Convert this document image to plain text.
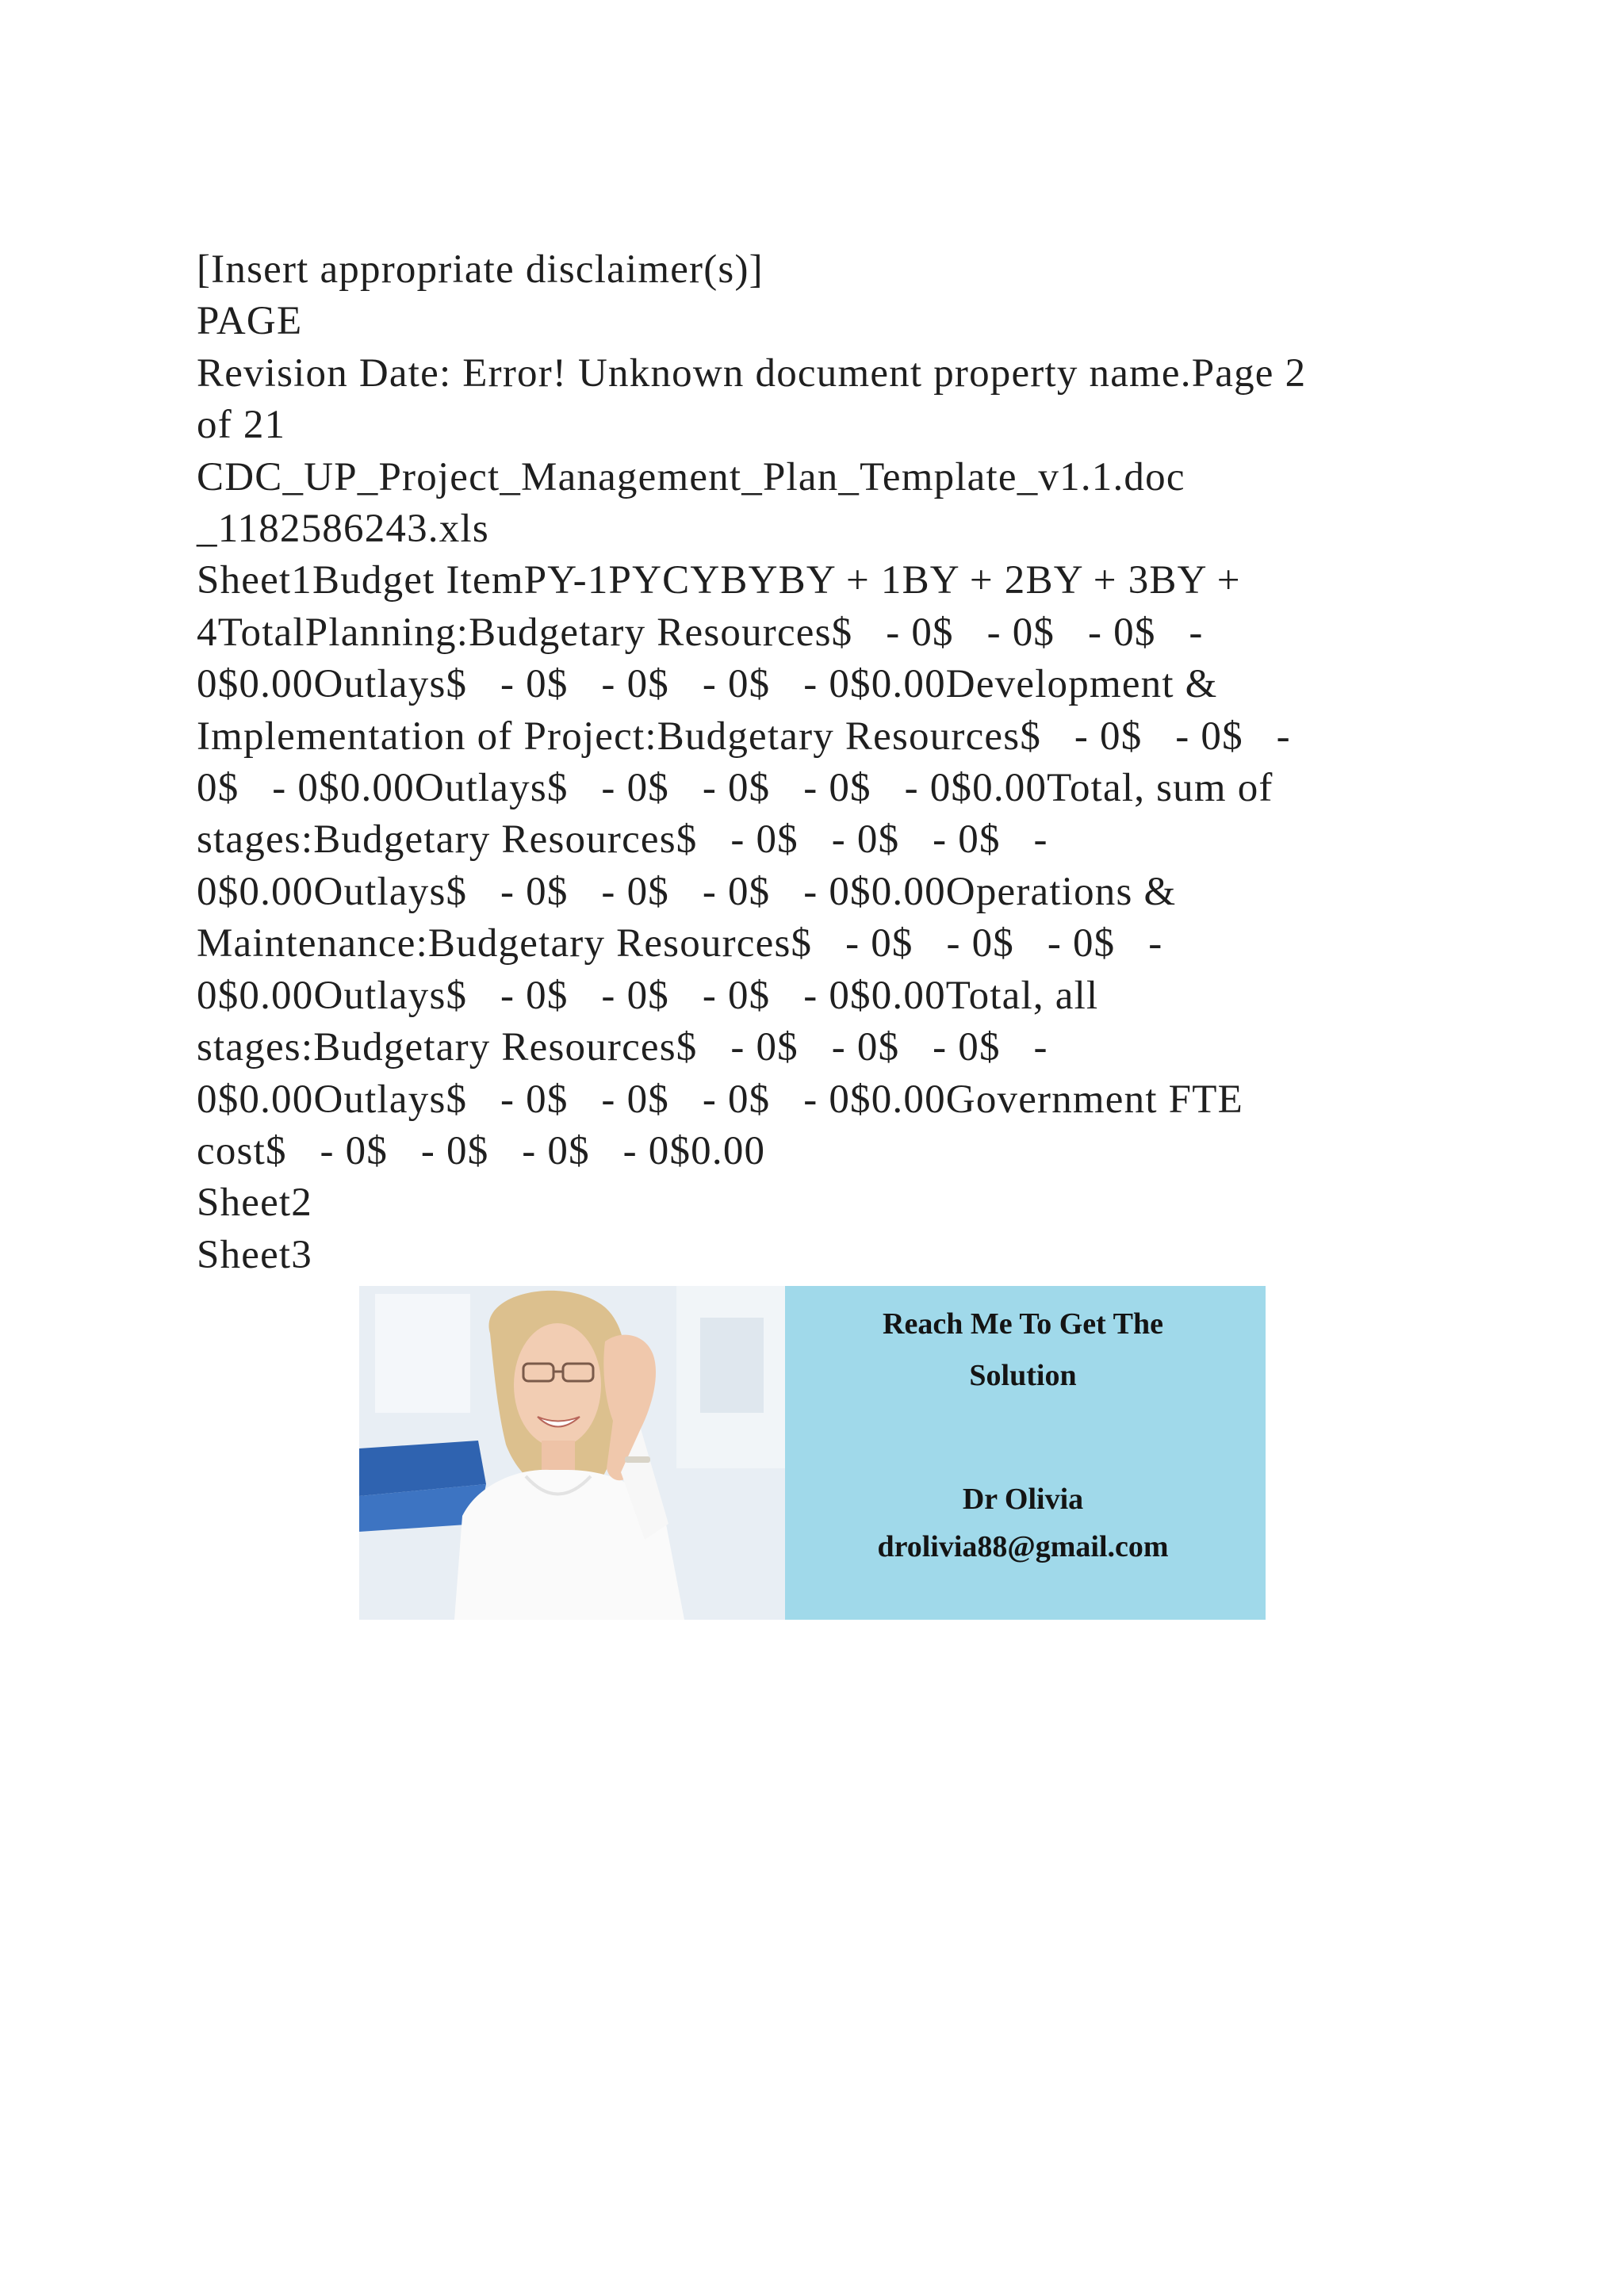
[Insert appropriate disclaimer(s)]
PAGE
Revision Date: Error! Unknown document property name.Page 2
of 21
CDC_UP_Project_Management_Plan_Template_v1.1.doc
_1182586243.xls
Sheet1Budget ItemPY-1PYCYBYBY + 1BY + 2BY + 3BY +
4TotalPlanning:Budgetary Resources$   - 0$   - 0$   - 0$   -
0$0.00Outlays$   - 0$   - 0$   - 0$   - 0$0.00Development &
Implementation of Project:Budgetary Resources$   - 0$   - 0$   -
0$   - 0$0.00Outlays$   - 0$   - 0$   - 0$   - 0$0.00Total, sum of
stages:Budgetary Resources$   - 0$   - 0$   - 0$   -
0$0.00Outlays$   - 0$   - 0$   - 0$   - 0$0.00Operations &
Maintenance:Budgetary Resources$   - 0$   - 0$   - 0$   -
0$0.00Outlays$   - 0$   - 0$   - 0$   - 0$0.00Total, all
stages:Budgetary Resources$   - 0$   - 0$   - 0$   -
0$0.00Outlays$   - 0$   - 0$   - 0$   - 0$0.00Government FTE
cost$   - 0$   - 0$   - 0$   - 0$0.00
Sheet2
Sheet3
Reach Me To Get The
Solution
Dr Olivia
drolivia88@gmail.com
